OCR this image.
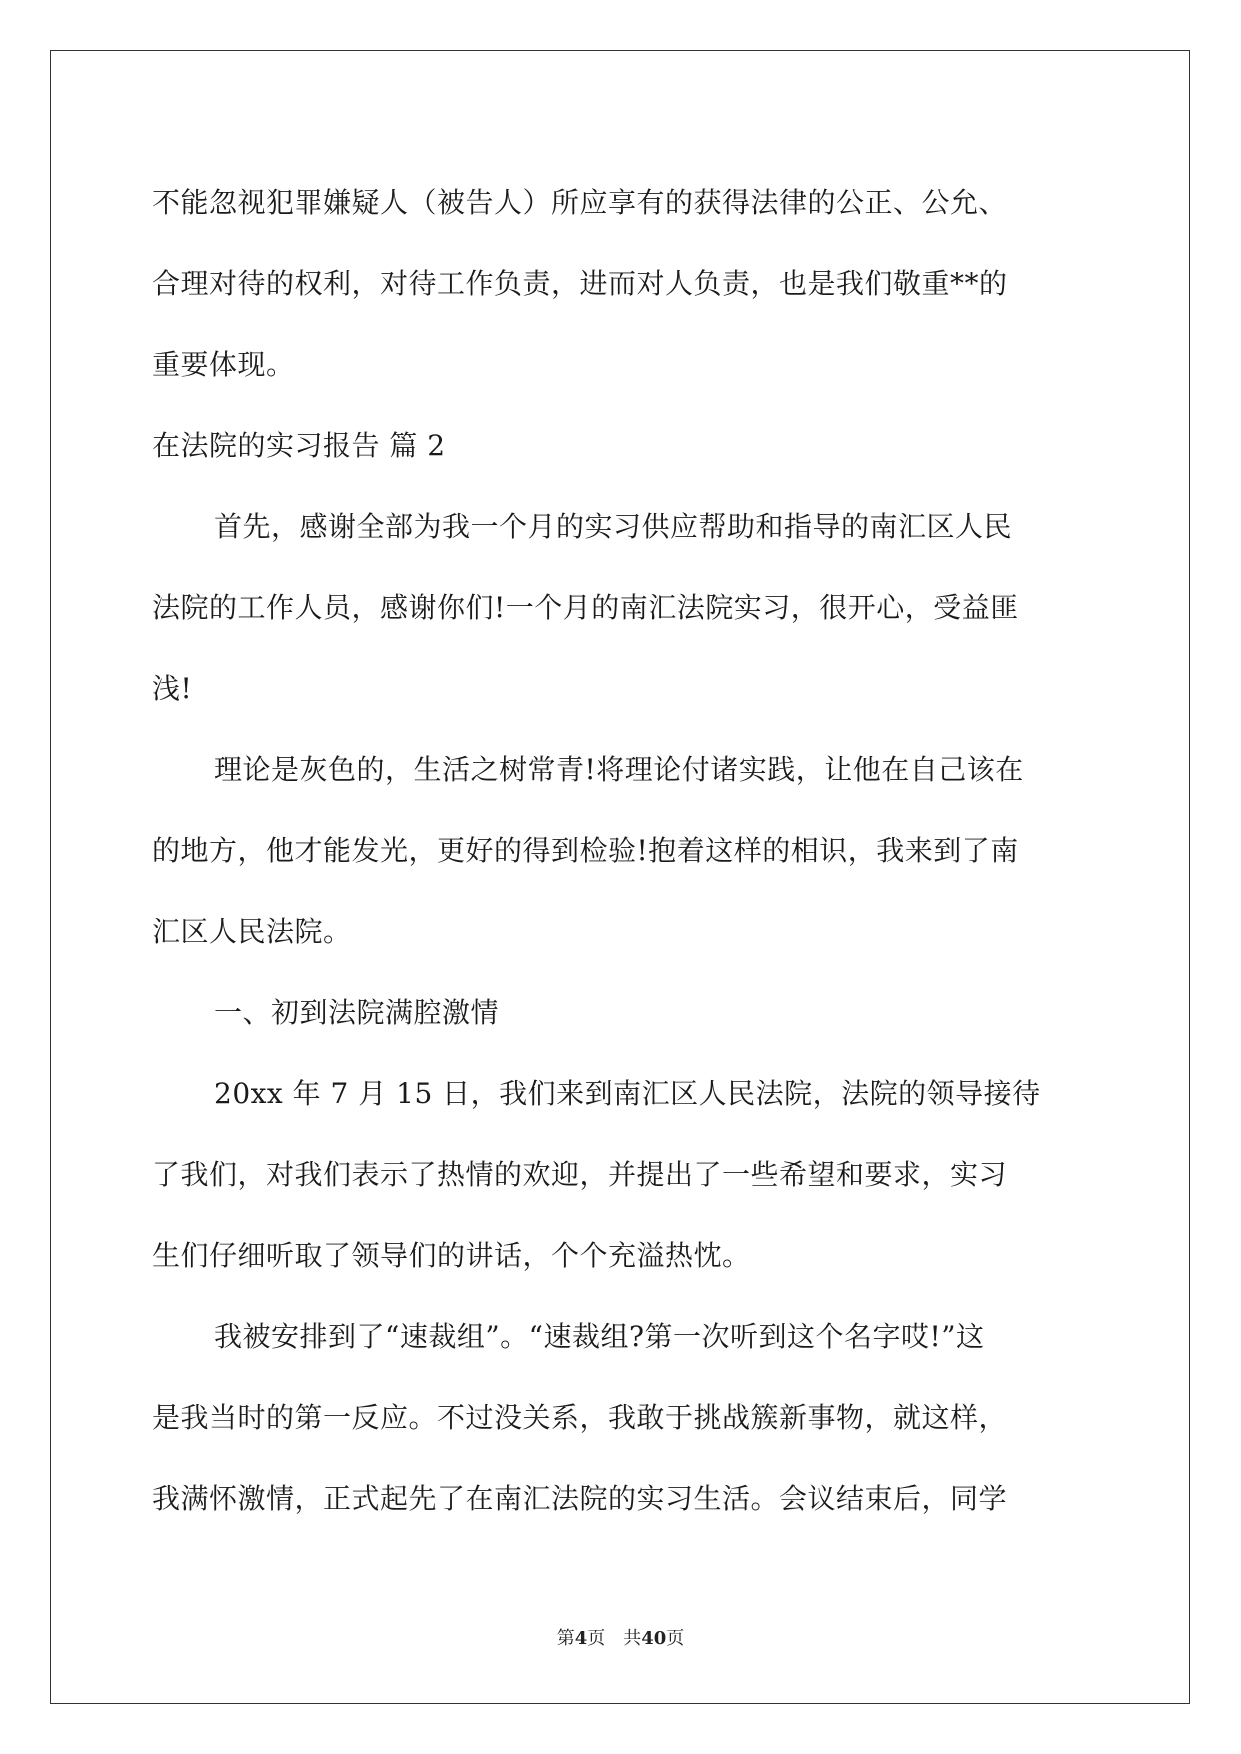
不能忽视犯罪嫌疑人（被告人）所应享有的获得法律的公正、公允、
合理对待的权利，对待工作负责，进而对人负责，也是我们敬重**的
重要体现。
在法院的实习报告 篇 2
首先，感谢全部为我一个月的实习供应帮助和指导的南汇区人民
法院的工作人员，感谢你们!一个月的南汇法院实习，很开心，受益匪
浅!
理论是灰色的，生活之树常青!将理论付诸实践，让他在自己该在
的地方，他才能发光，更好的得到检验!抱着这样的相识，我来到了南
汇区人民法院。
一、初到法院满腔激情
20xx 年 7 月 15 日，我们来到南汇区人民法院，法院的领导接待
了我们，对我们表示了热情的欢迎，并提出了一些希望和要求，实习
生们仔细听取了领导们的讲话，个个充溢热忱。
我被安排到了“速裁组”。“速裁组?第一次听到这个名字哎!”这
是我当时的第一反应。不过没关系，我敢于挑战簇新事物，就这样，
我满怀激情，正式起先了在南汇法院的实习生活。会议结束后，同学
第4页 共40页
